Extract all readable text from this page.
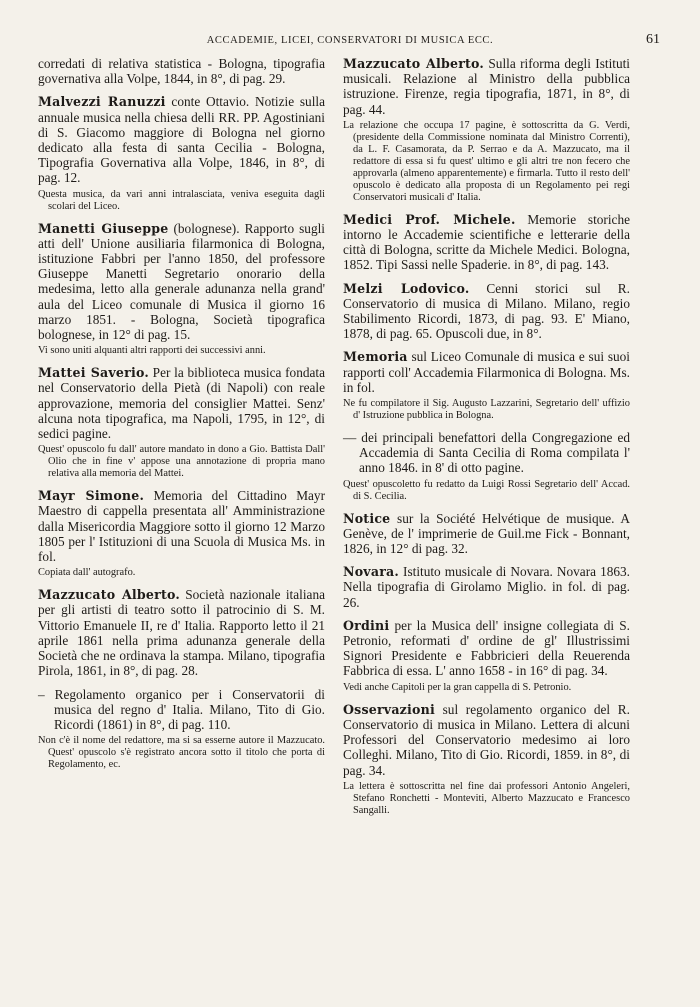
ACCADEMIE, LICEI, CONSERVATORI DI MUSICA ECC.	61

corredati di relativa statistica - Bologna, tipografia governativa alla Volpe, 1844, in 8°, di pag. 29.

Malvezzi Ranuzzi conte Ottavio. Notizie sulla annuale musica nella chiesa delli RR. PP. Agostiniani di S. Giacomo maggiore di Bologna nel giorno dedicato alla festa di santa Cecilia - Bologna, Tipografia Governativa alla Volpe, 1846, in 8°, di pag. 12.

Questa musica, da vari anni intralasciata, veniva eseguita dagli scolari del Liceo.

Manetti Giuseppe (bolognese). Rapporto sugli atti dell' Unione ausiliaria filarmonica di Bologna, istituzione Fabbri per l'anno 1850, del professore Giuseppe Manetti Segretario onorario della medesima, letto alla generale adunanza nella grand' aula del Liceo comunale di Musica il giorno 16 marzo 1851. - Bologna, Società tipografica bolognese, in 12° di pag. 15.

Vi sono uniti alquanti altri rapporti dei successivi anni.

Mattei Saverio. Per la biblioteca musica fondata nel Conservatorio della Pietà (di Napoli) con reale approvazione, memoria del consiglier Mattei. Senz' alcuna nota tipografica, ma Napoli, 1795, in 12°, di sedici pagine.

Quest' opuscolo fu dall' autore mandato in dono a Gio. Battista Dall' Olio che in fine v' appose una annotazione di propria mano relativa alla memoria del Mattei.

Mayr Simone. Memoria del Cittadino Mayr Maestro di cappella presentata all' Amministrazione dalla Misericordia Maggiore sotto il giorno 12 Marzo 1805 per l' Istituzioni di una Scuola di Musica Ms. in fol.

Copiata dall' autografo.

Mazzucato Alberto. Società nazionale italiana per gli artisti di teatro sotto il patrocinio di S. M. Vittorio Emanuele II, re d' Italia. Rapporto letto il 21 aprile 1861 nella prima adunanza generale della Società che ne ordinava la stampa. Milano, tipografia Pirola, 1861, in 8°, di pag. 28.

– Regolamento organico per i Conservatorii di musica del regno d' Italia. Milano, Tito di Gio. Ricordi (1861) in 8°, di pag. 110.

Non c'è il nome del redattore, ma si sa esserne autore il Mazzucato. Quest' opuscolo s'è registrato ancora sotto il titolo che porta di Regolamento, ec.

Mazzucato Alberto. Sulla riforma degli Istituti musicali. Relazione al Ministro della pubblica istruzione. Firenze, regia tipografia, 1871, in 8°, di pag. 44.

La relazione che occupa 17 pagine, è sottoscritta da G. Verdi, (presidente della Commissione nominata dal Ministro Correnti), da L. F. Casamorata, da P. Serrao e da A. Mazzucato, ma il redattore di essa si fu quest' ultimo e gli altri tre non fecero che approvarla (almeno apparentemente) e firmarla. Tutto il resto dell' opuscolo è dedicato alla proposta di un Regolamento pei regi Conservatori musicali d' Italia.

Medici Prof. Michele. Memorie storiche intorno le Accademie scientifiche e letterarie della città di Bologna, scritte da Michele Medici. Bologna, 1852. Tipi Sassi nelle Spaderie. in 8°, di pag. 143.

Melzi Lodovico. Cenni storici sul R. Conservatorio di musica di Milano. Milano, regio Stabilimento Ricordi, 1873, di pag. 93. E' Miano, 1878, di pag. 65. Opuscoli due, in 8°.

Memoria sul Liceo Comunale di musica e sui suoi rapporti coll' Accademia Filarmonica di Bologna. Ms. in fol.

Ne fu compilatore il Sig. Augusto Lazzarini, Segretario dell' uffizio d' Istruzione pubblica in Bologna.

–– dei principali benefattori della Congregazione ed Accademia di Santa Cecilia di Roma compilata l' anno 1846. in 8' di otto pagine.

Quest' opuscoletto fu redatto da Luigi Rossi Segretario dell' Accad. di S. Cecilia.

Notice sur la Société Helvétique de musique. A Genève, de l' imprimerie de Guil.me Fick - Bonnant, 1826, in 12° di pag. 32.

Novara. Istituto musicale di Novara. Novara 1863. Nella tipografia di Girolamo Miglio. in fol. di pag. 26.

Ordini per la Musica dell' insigne collegiata di S. Petronio, reformati d' ordine de gl' Illustrissimi Signori Presidente e Fabbricieri della Reuerenda Fabbrica di essa. L' anno 1658 - in 16° di pag. 34.

Vedi anche Capitoli per la gran cappella di S. Petronio.

Osservazioni sul regolamento organico del R. Conservatorio di musica in Milano. Lettera di alcuni Professori del Conservatorio medesimo ai loro Colleghi. Milano, Tito di Gio. Ricordi, 1859. in 8°, di pag. 34.

La lettera è sottoscritta nel fine dai professori Antonio Angeleri, Stefano Ronchetti - Monteviti, Alberto Mazzucato e Francesco Sangalli.
